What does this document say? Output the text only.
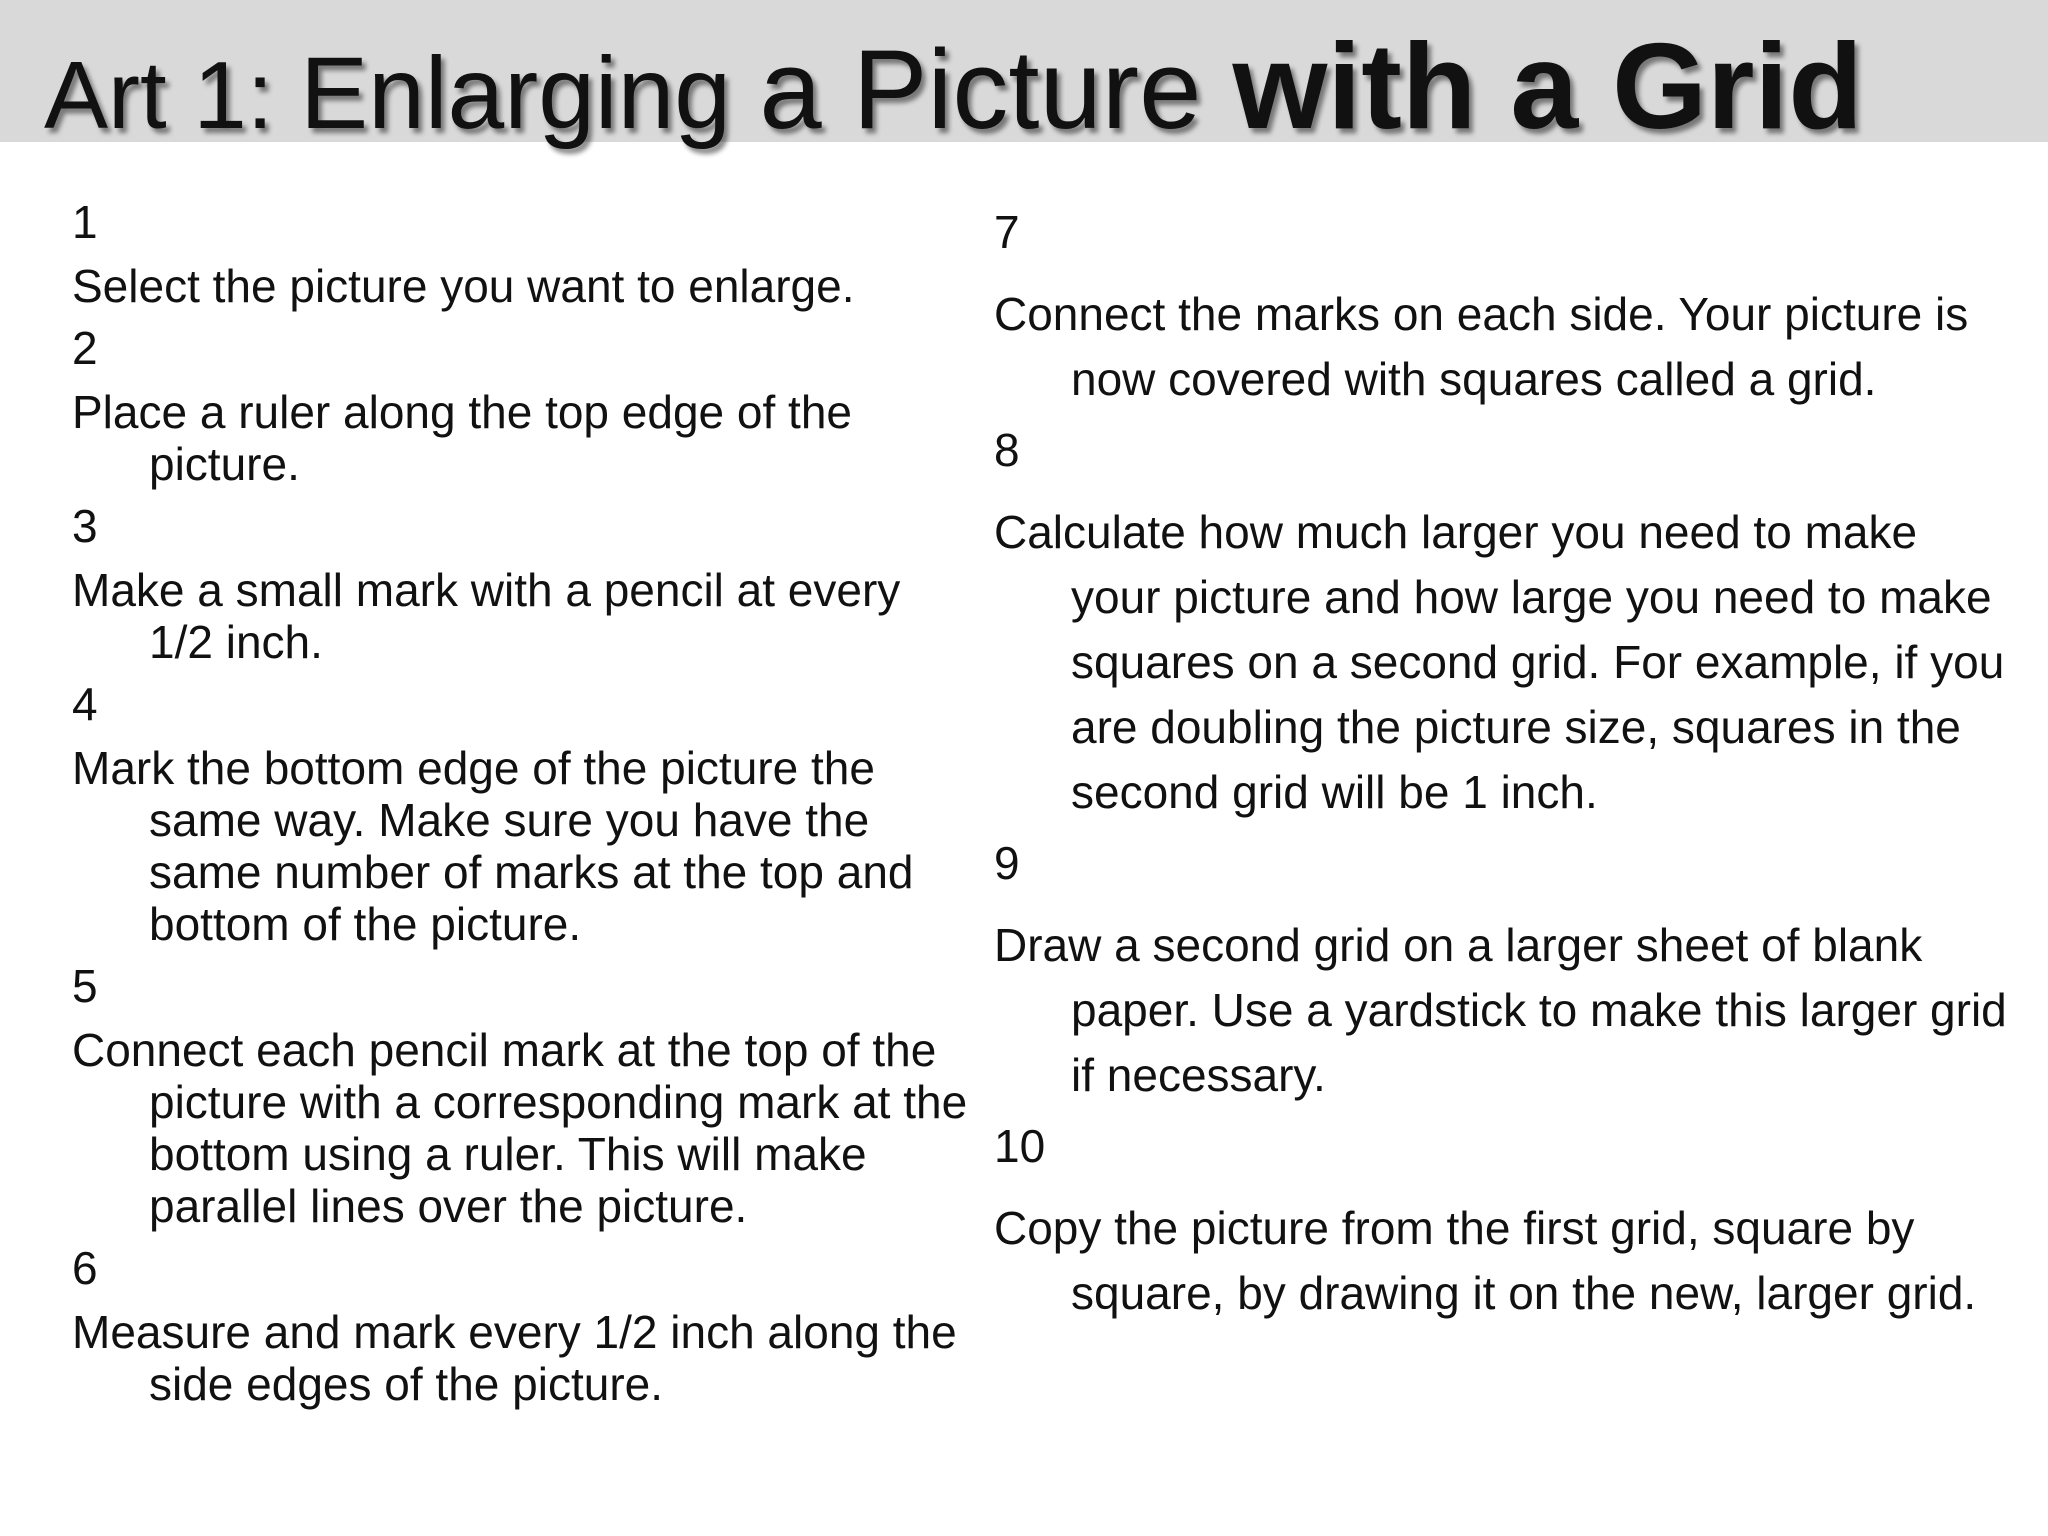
Art 1: Enlarging a Picture with a Grid
1
Select the picture you want to enlarge.
2
Place a ruler along the top edge of the picture.
3
Make a small mark with a pencil at every 1/2 inch.
4
Mark the bottom edge of the picture the same way. Make sure you have the same number of marks at the top and bottom of the picture.
5
Connect each pencil mark at the top of the picture with a corresponding mark at the bottom using a ruler. This will make parallel lines over the picture.
6
Measure and mark every 1/2 inch along the side edges of the picture.
7
Connect the marks on each side. Your picture is now covered with squares called a grid.
8
Calculate how much larger you need to make your picture and how large you need to make squares on a second grid. For example, if you are doubling the picture size, squares in the second grid will be 1 inch.
9
Draw a second grid on a larger sheet of blank paper. Use a yardstick to make this larger grid if necessary.
10
Copy the picture from the first grid, square by square, by drawing it on the new, larger grid.
